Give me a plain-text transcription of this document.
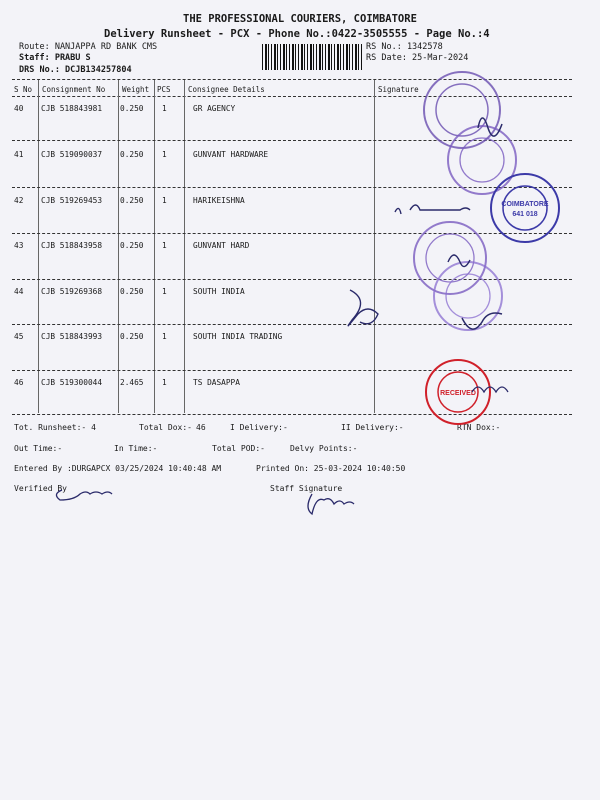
THE PROFESSIONAL COURIERS, COIMBATORE
Delivery Runsheet - PCX - Phone No.:0422-3505555 - Page No.:4
Route: NANJAPPA RD BANK CMS
Staff: PRABU S
DRS No.: DCJB134257804
RS No.: 1342578
RS Date: 25-Mar-2024
S No Consignment No Weight PCS Consignee Details	Signature
40 CJB 518843981 0.250 1	GR AGENCY
41 CJB 519090037 0.250 1	GUNVANT HARDWARE
42 CJB 519269453 0.250 1	HARIKEISHNA
43 CJB 518843958 0.250 1	GUNVANT HARD
44 CJB 519269368 0.250 1	SOUTH INDIA
45 CJB 518843993 0.250 1	SOUTH INDIA TRADING
46 CJB 519300044 2.465 1	TS DASAPPA
Tot. Runsheet:- 4	Total Dox:- 46	I Delivery:-	II Delivery:-	RTN Dox:-
Out Time:-	In Time:-	Total POD:-	Delvy Points:-
Entered By :DURGAPCX 03/25/2024 10:40:48 AM	Printed On: 25-03-2024 10:40:50
Verified By	Staff Signature
COIMBATORE
641 018
RECEIVED
